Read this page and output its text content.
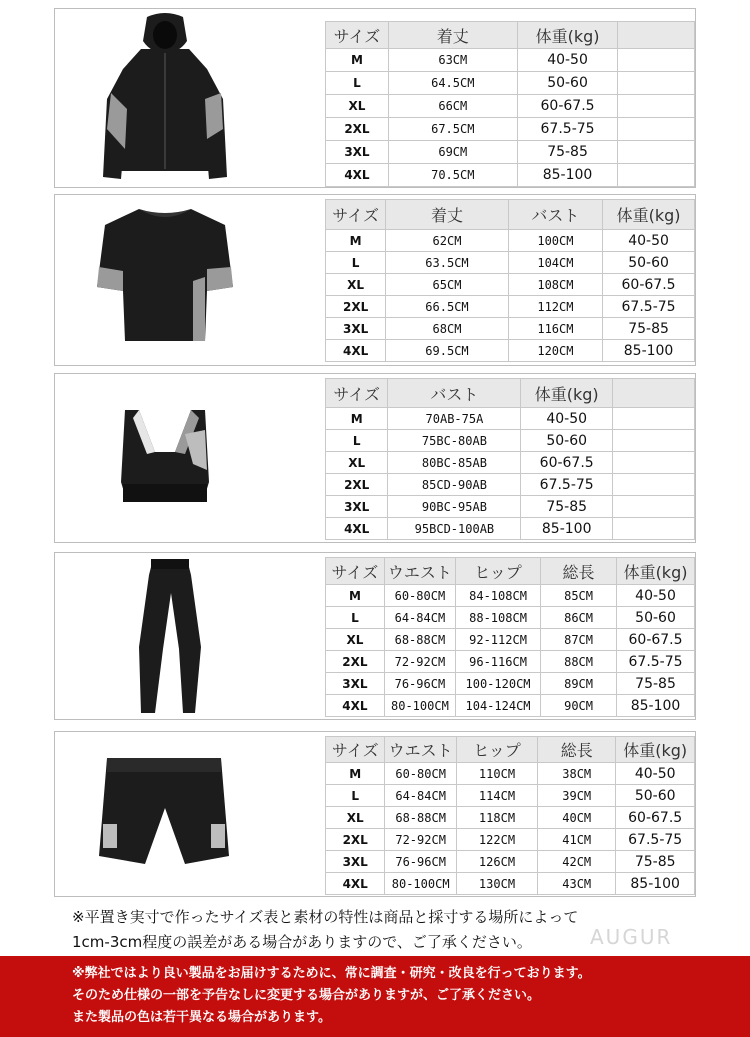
サイズ	着丈	体重(kg)	
M	63CM	40-50	
L	64.5CM	50-60	
XL	66CM	60-67.5	
2XL	67.5CM	67.5-75	
3XL	69CM	75-85	
4XL	70.5CM	85-100	
サイズ	着丈	バスト	体重(kg)
M	62CM	100CM	40-50
L	63.5CM	104CM	50-60
XL	65CM	108CM	60-67.5
2XL	66.5CM	112CM	67.5-75
3XL	68CM	116CM	75-85
4XL	69.5CM	120CM	85-100
サイズ	バスト	体重(kg)	
M	70AB-75A	40-50	
L	75BC-80AB	50-60	
XL	80BC-85AB	60-67.5	
2XL	85CD-90AB	67.5-75	
3XL	90BC-95AB	75-85	
4XL	95BCD-100AB	85-100	
サイズ	ウエスト	ヒップ	総長	体重(kg)
M	60-80CM	84-108CM	85CM	40-50
L	64-84CM	88-108CM	86CM	50-60
XL	68-88CM	92-112CM	87CM	60-67.5
2XL	72-92CM	96-116CM	88CM	67.5-75
3XL	76-96CM	100-120CM	89CM	75-85
4XL	80-100CM	104-124CM	90CM	85-100
サイズ	ウエスト	ヒップ	総長	体重(kg)
M	60-80CM	110CM	38CM	40-50
L	64-84CM	114CM	39CM	50-60
XL	68-88CM	118CM	40CM	60-67.5
2XL	72-92CM	122CM	41CM	67.5-75
3XL	76-96CM	126CM	42CM	75-85
4XL	80-100CM	130CM	43CM	85-100
※平置き実寸で作ったサイズ表と素材の特性は商品と採寸する場所によって
1cm-3cm程度の誤差がある場合がありますので、ご了承ください。	AUGUR
※弊社ではより良い製品をお届けするために、常に調査・研究・改良を行っております。
そのため仕様の一部を予告なしに変更する場合がありますが、ご了承ください。
また製品の色は若干異なる場合があります。
